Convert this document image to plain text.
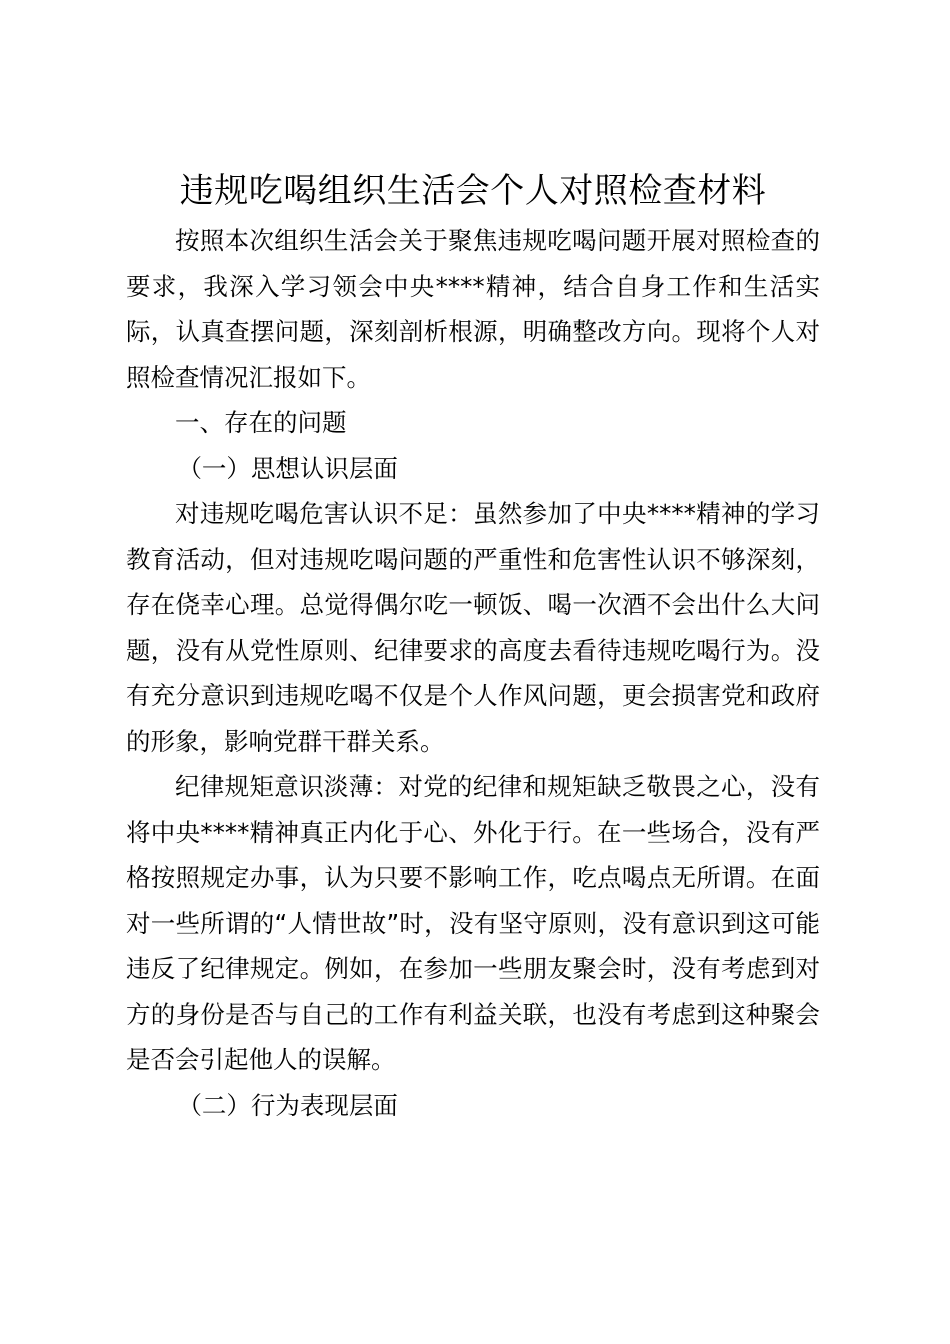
违规吃喝组织生活会个人对照检查材料

按照本次组织生活会关于聚焦违规吃喝问题开展对照检查的要求，我深入学习领会中央****精神，结合自身工作和生活实际，认真查摆问题，深刻剖析根源，明确整改方向。现将个人对照检查情况汇报如下。

一、存在的问题

（一）思想认识层面

对违规吃喝危害认识不足：虽然参加了中央****精神的学习教育活动，但对违规吃喝问题的严重性和危害性认识不够深刻，存在侥幸心理。总觉得偶尔吃一顿饭、喝一次酒不会出什么大问题，没有从党性原则、纪律要求的高度去看待违规吃喝行为。没有充分意识到违规吃喝不仅是个人作风问题，更会损害党和政府的形象，影响党群干群关系。

纪律规矩意识淡薄：对党的纪律和规矩缺乏敬畏之心，没有将中央****精神真正内化于心、外化于行。在一些场合，没有严格按照规定办事，认为只要不影响工作，吃点喝点无所谓。在面对一些所谓的“人情世故”时，没有坚守原则，没有意识到这可能违反了纪律规定。例如，在参加一些朋友聚会时，没有考虑到对方的身份是否与自己的工作有利益关联，也没有考虑到这种聚会是否会引起他人的误解。

（二）行为表现层面
